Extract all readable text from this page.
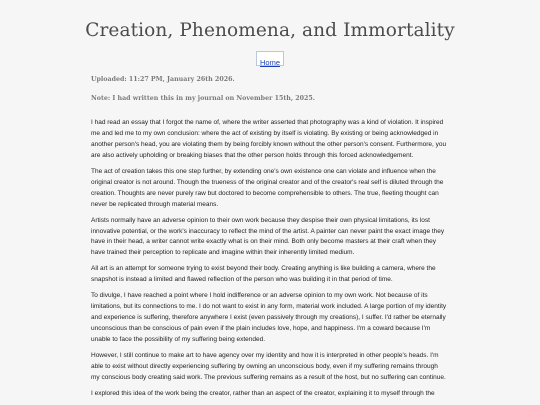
Creation, Phenomena, and Immortality
Home

Uploaded: 11:27 PM, January 26th 2026.

Note: I had written this in my journal on November 15th, 2025.

I had read an essay that I forgot the name of, where the writer asserted that photography was a kind of violation. It inspired me and led me to my own conclusion: where the act of existing by itself is violating. By existing or being acknowledged in another person's head, you are violating them by being forcibly known without the other person's consent. Furthermore, you are also actively upholding or breaking biases that the other person holds through this forced acknowledgement.

The act of creation takes this one step further, by extending one's own existence one can violate and influence when the original creator is not around. Though the trueness of the original creator and of the creator's real self is diluted through the creation. Thoughts are never purely raw but doctored to become comprehensible to others. The true, fleeting thought can never be replicated through material means.

Artists normally have an adverse opinion to their own work because they despise their own physical limitations, its lost innovative potential, or the work's inaccuracy to reflect the mind of the artist. A painter can never paint the exact image they have in their head, a writer cannot write exactly what is on their mind. Both only become masters at their craft when they have trained their perception to replicate and imagine within their inherently limited medium.

All art is an attempt for someone trying to exist beyond their body. Creating anything is like building a camera, where the snapshot is instead a limited and flawed reflection of the person who was building it in that period of time.

To divulge, I have reached a point where I hold indifference or an adverse opinion to my own work. Not because of its limitations, but its connections to me. I do not want to exist in any form, material work included. A large portion of my identity and experience is suffering, therefore anywhere I exist (even passively through my creations), I suffer. I'd rather be eternally unconscious than be conscious of pain even if the plain includes love, hope, and happiness. I'm a coward because I'm unable to face the possibility of my suffering being extended.

However, I still continue to make art to have agency over my identity and how it is interpreted in other people's heads. I'm able to exist without directly experiencing suffering by owning an unconscious body, even if my suffering remains through my conscious body creating said work. The previous suffering remains as a result of the host, but no suffering can continue.

I explored this idea of the work being the creator, rather than an aspect of the creator, explaining it to myself through the
